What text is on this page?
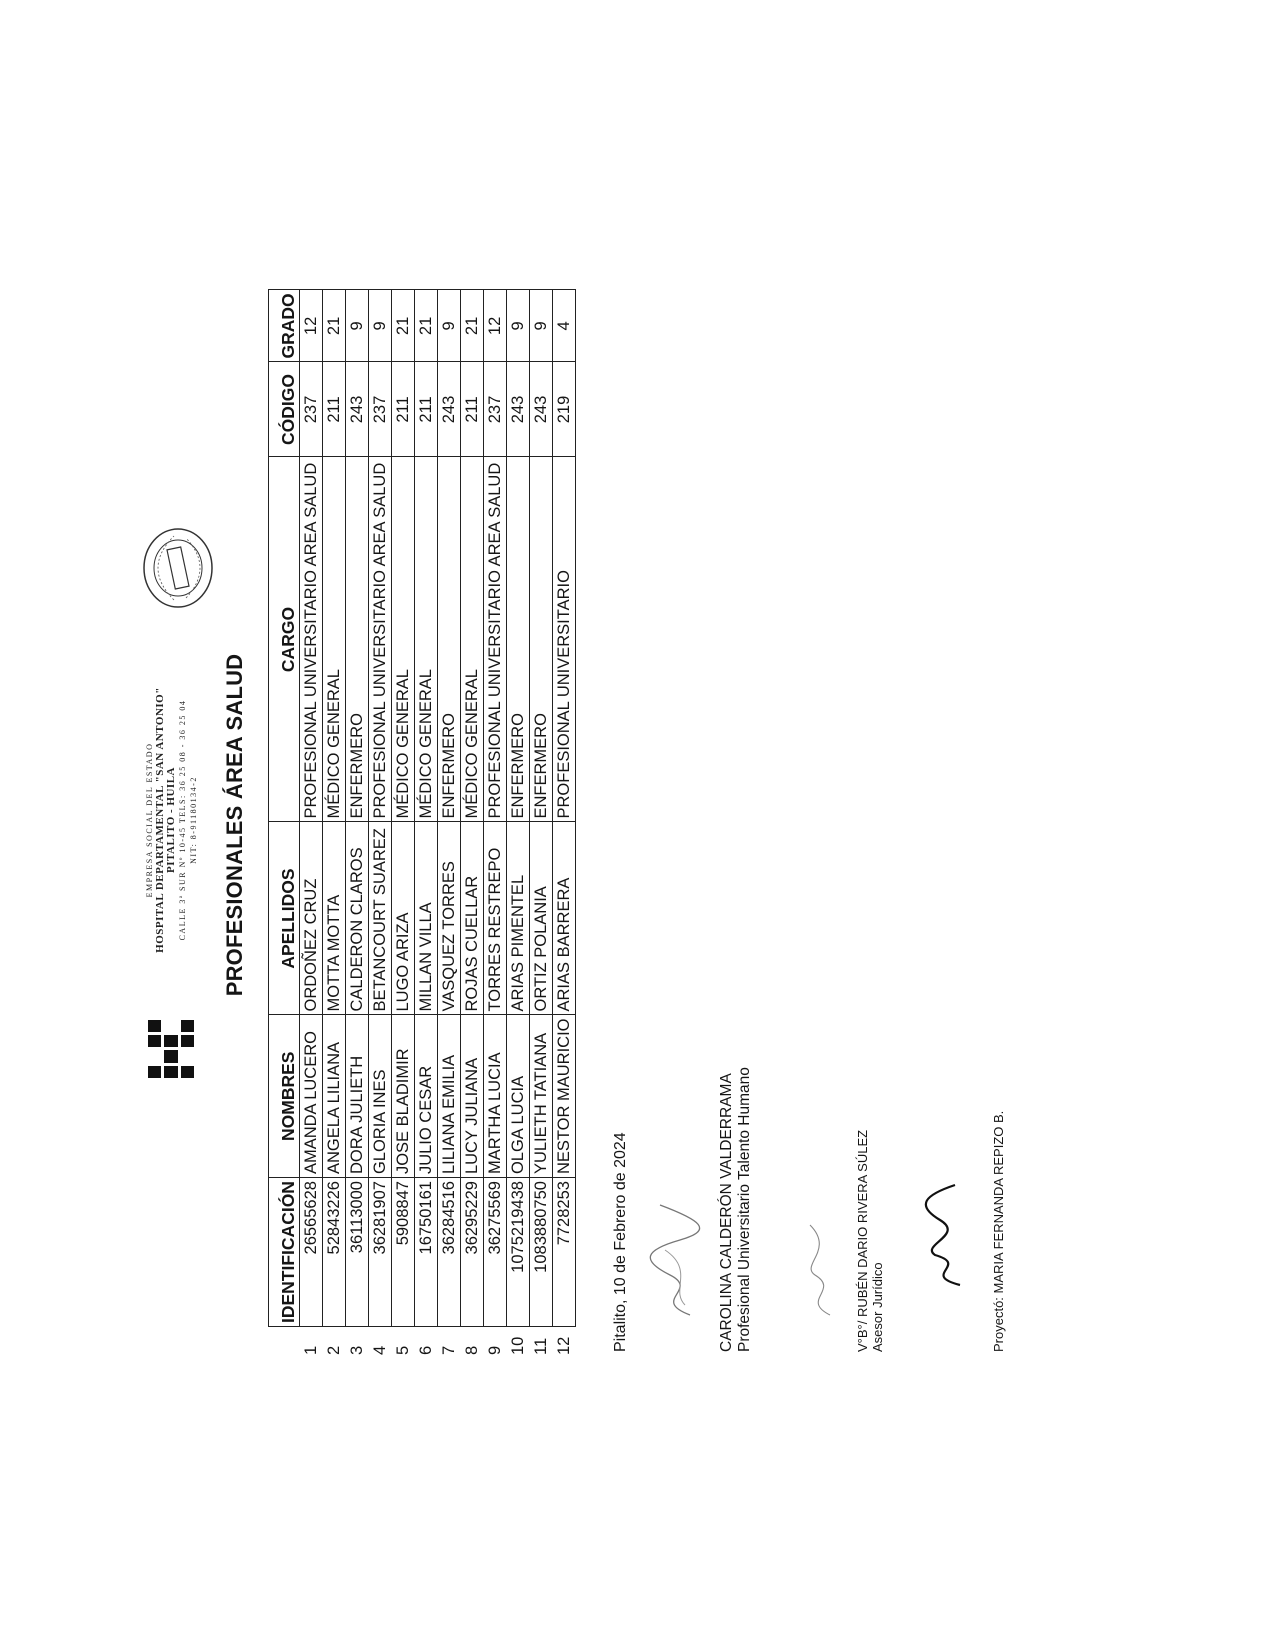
EMPRESA SOCIAL DEL ESTADO HOSPITAL DEPARTAMENTAL "SAN ANTONIO" PITALITO - HUILA CALLE 3ª SUR Nº 10-45 TELS: 36 25 08 - 36 25 04 NIT: 8-91180134-2 PROFESIONALES ÁREA SALUD
	IDENTIFICACIÓN	NOMBRES	APELLIDOS	CARGO	CÓDIGO	GRADO
1	26565628	AMANDA LUCERO	ORDOÑEZ CRUZ	PROFESIONAL UNIVERSITARIO AREA SALUD	237	12
2	52843226	ANGELA LILIANA	MOTTA MOTTA	MÉDICO GENERAL	211	21
3	36113000	DORA JULIETH	CALDERON CLAROS	ENFERMERO	243	9
4	36281907	GLORIA INES	BETANCOURT SUAREZ	PROFESIONAL UNIVERSITARIO AREA SALUD	237	9
5	5908847	JOSE BLADIMIR	LUGO ARIZA	MÉDICO GENERAL	211	21
6	16750161	JULIO CESAR	MILLAN VILLA	MÉDICO GENERAL	211	21
7	36284516	LILIANA EMILIA	VASQUEZ TORRES	ENFERMERO	243	9
8	36295229	LUCY JULIANA	ROJAS CUELLAR	MÉDICO GENERAL	211	21
9	36275569	MARTHA LUCIA	TORRES RESTREPO	PROFESIONAL UNIVERSITARIO AREA SALUD	237	12
10	1075219438	OLGA LUCIA	ARIAS PIMENTEL	ENFERMERO	243	9
11	1083880750	YULIETH TATIANA	ORTIZ POLANIA	ENFERMERO	243	9
12	7728253	NESTOR MAURICIO	ARIAS BARRERA	PROFESIONAL UNIVERSITARIO	219	4
Pitalito, 10 de Febrero de 2024	CAROLINA CALDERÓN VALDERRAMA Profesional Universitario Talento Humano	V°B°/ RUBÉN DARIO RIVERA SÚLEZ Asesor Jurídico	Proyectó: MARIA FERNANDA REPIZO B.
